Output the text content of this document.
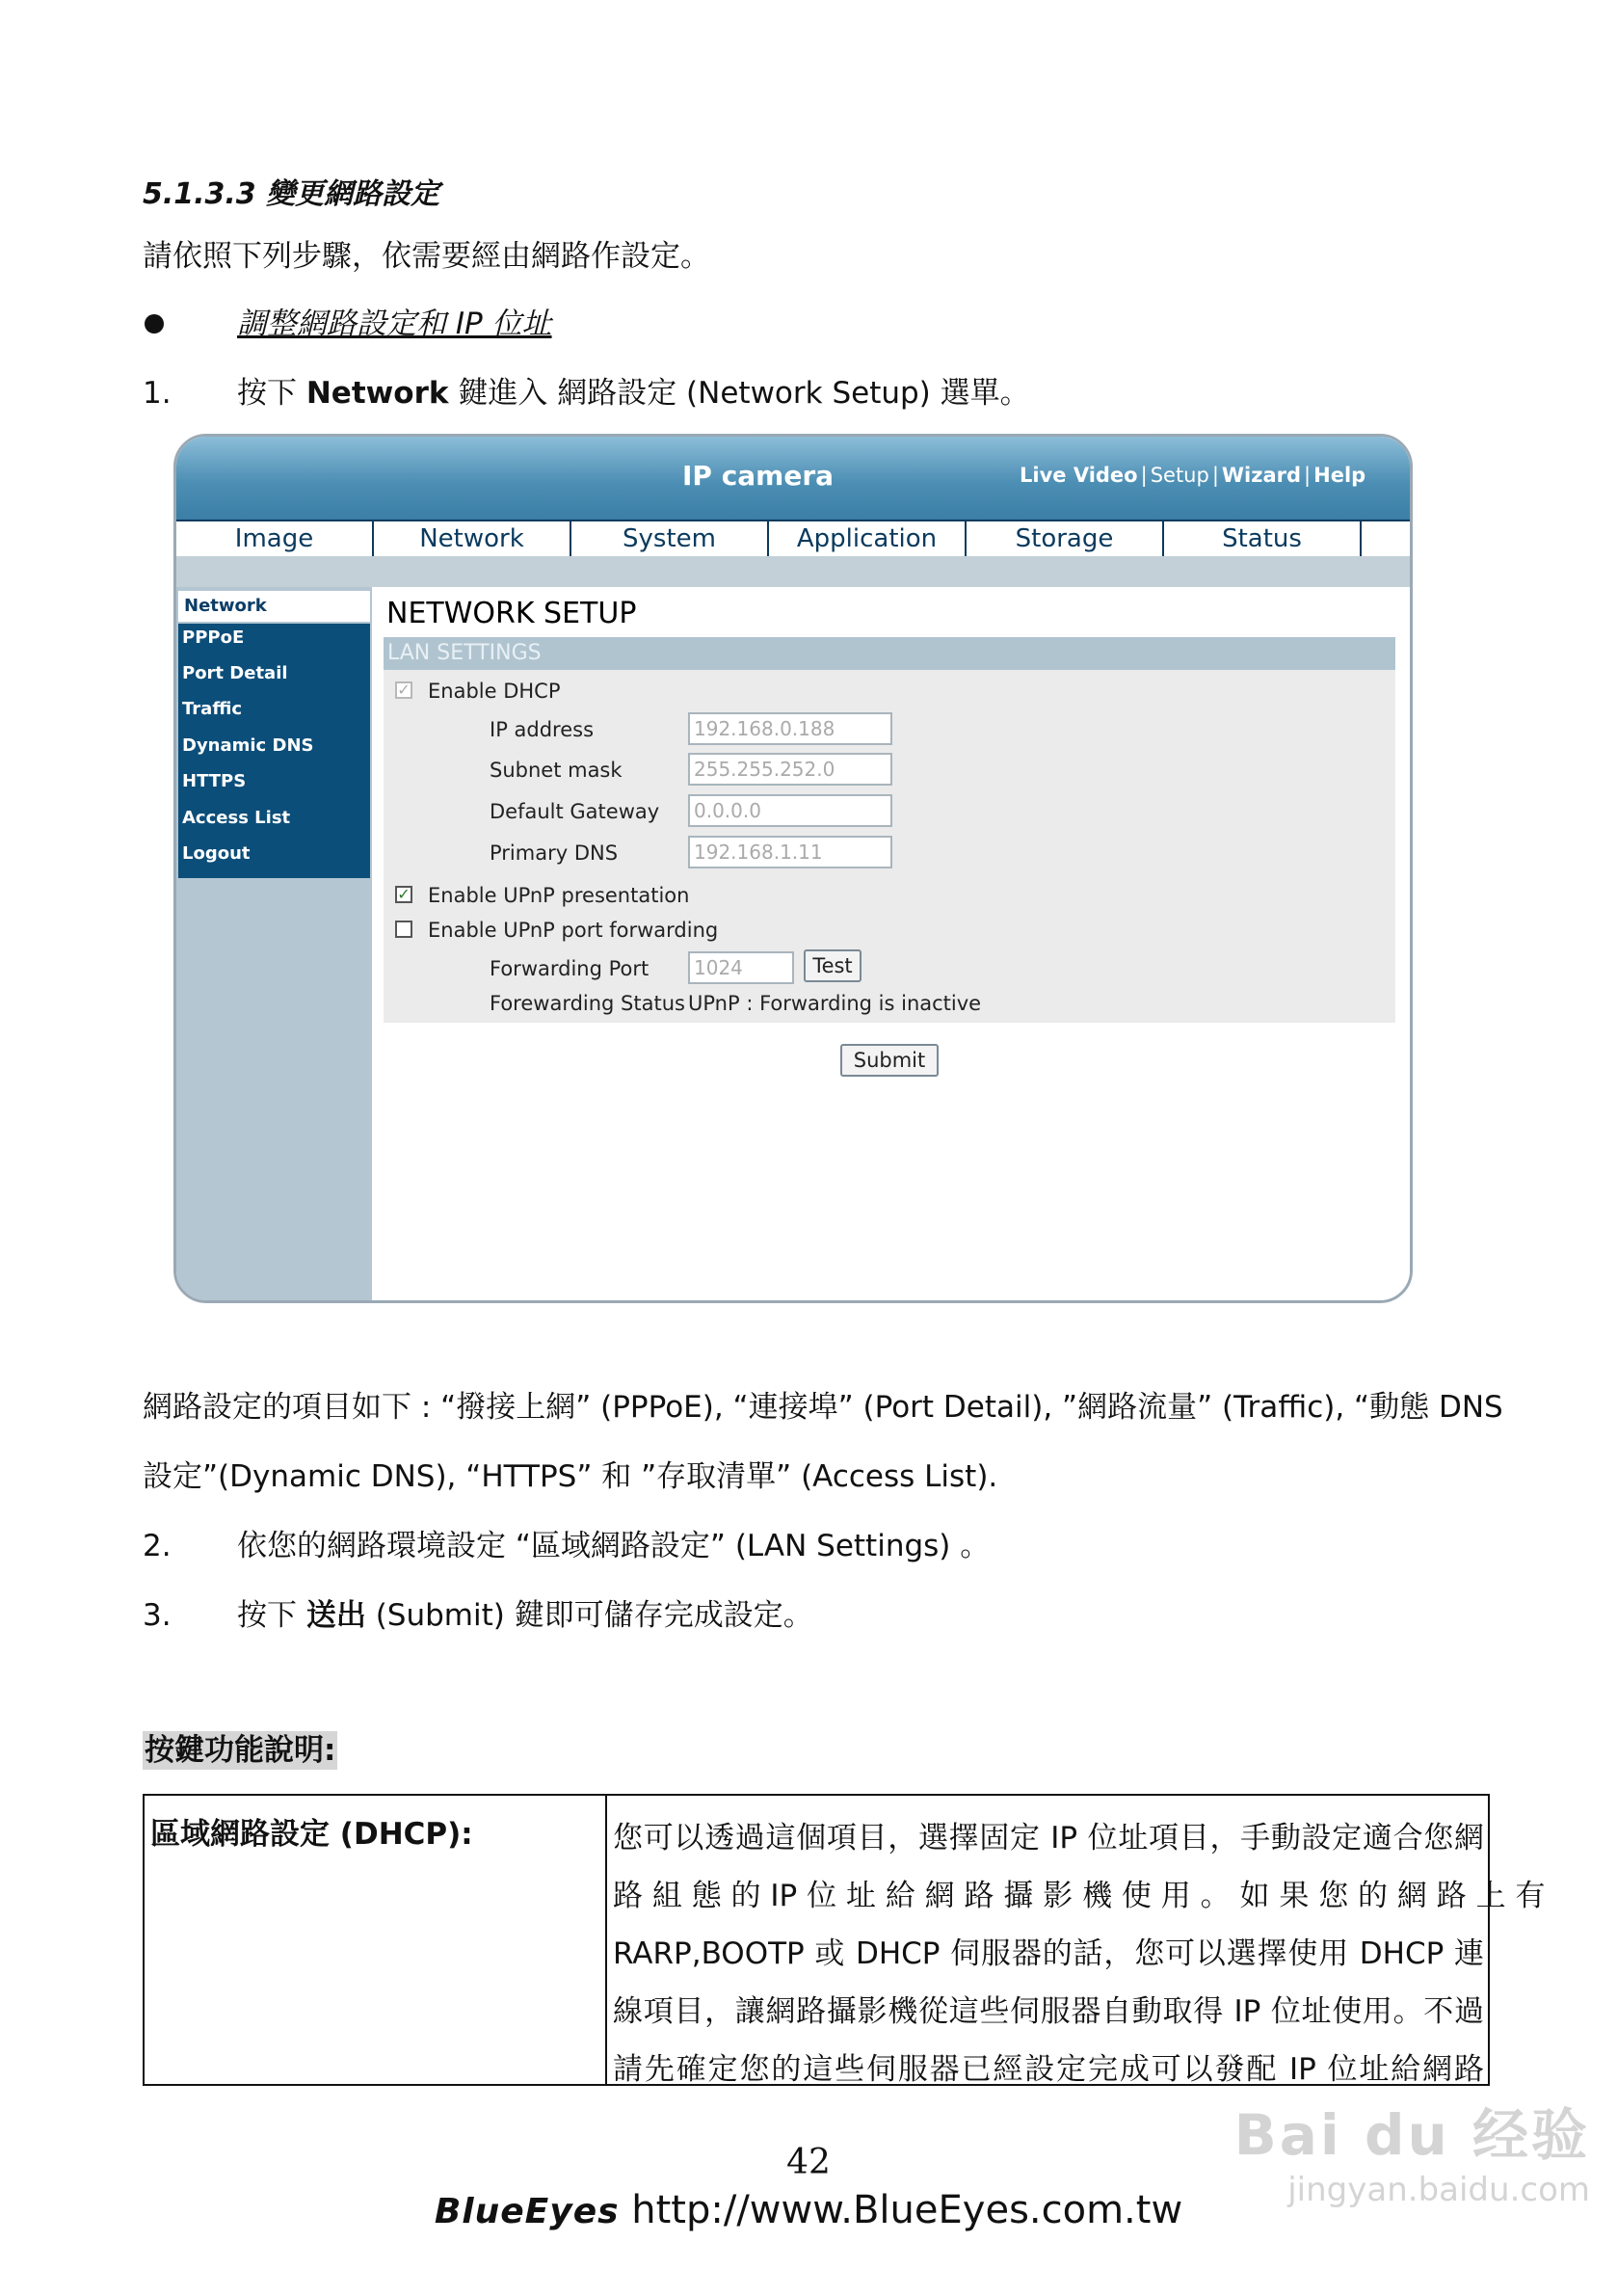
5.1.3.3 變更網路設定
請依照下列步驟，依需要經由網路作設定。
調整網路設定和 IP 位址
1. 按下 Network 鍵進入 網路設定 (Network Setup) 選單。
IP camera	Live Video | Setup | Wizard | Help
Image	Network	System	Application	Storage	Status
Network
PPPoE
Port Detail
Traffic
Dynamic DNS
HTTPS
Access List
Logout
NETWORK SETUP
LAN SETTINGS
✓ Enable DHCP
IP address	192.168.0.188
Subnet mask	255.255.252.0
Default Gateway	0.0.0.0
Primary DNS	192.168.1.11
✓ Enable UPnP presentation
Enable UPnP port forwarding
Forwarding Port	1024	Test
Forewarding Status UPnP : Forwarding is inactive
Submit
網路設定的項目如下 : “撥接上網” (PPPoE), “連接埠” (Port Detail), ”網路流量” (Traffic), “動態 DNS
設定”(Dynamic DNS), “HTTPS” 和 ”存取清單” (Access List).
2. 依您的網路環境設定 “區域網路設定” (LAN Settings) 。
3. 按下 送出 (Submit) 鍵即可儲存完成設定。
按鍵功能說明:
區域網路設定 (DHCP):	您可以透過這個項目，選擇固定 IP 位址項目，手動設定適合您網
路 組 態 的 IP 位 址 給 網 路 攝 影 機 使 用 。 如 果 您 的 網 路 上 有
RARP,BOOTP 或 DHCP 伺服器的話，您可以選擇使用 DHCP 連
線項目，讓網路攝影機從這些伺服器自動取得 IP 位址使用。不過
請先確定您的這些伺服器已經設定完成可以發配 IP 位址給網路
42
BlueEyes http://www.BlueEyes.com.tw
Bai du 经验
jingyan.baidu.com
